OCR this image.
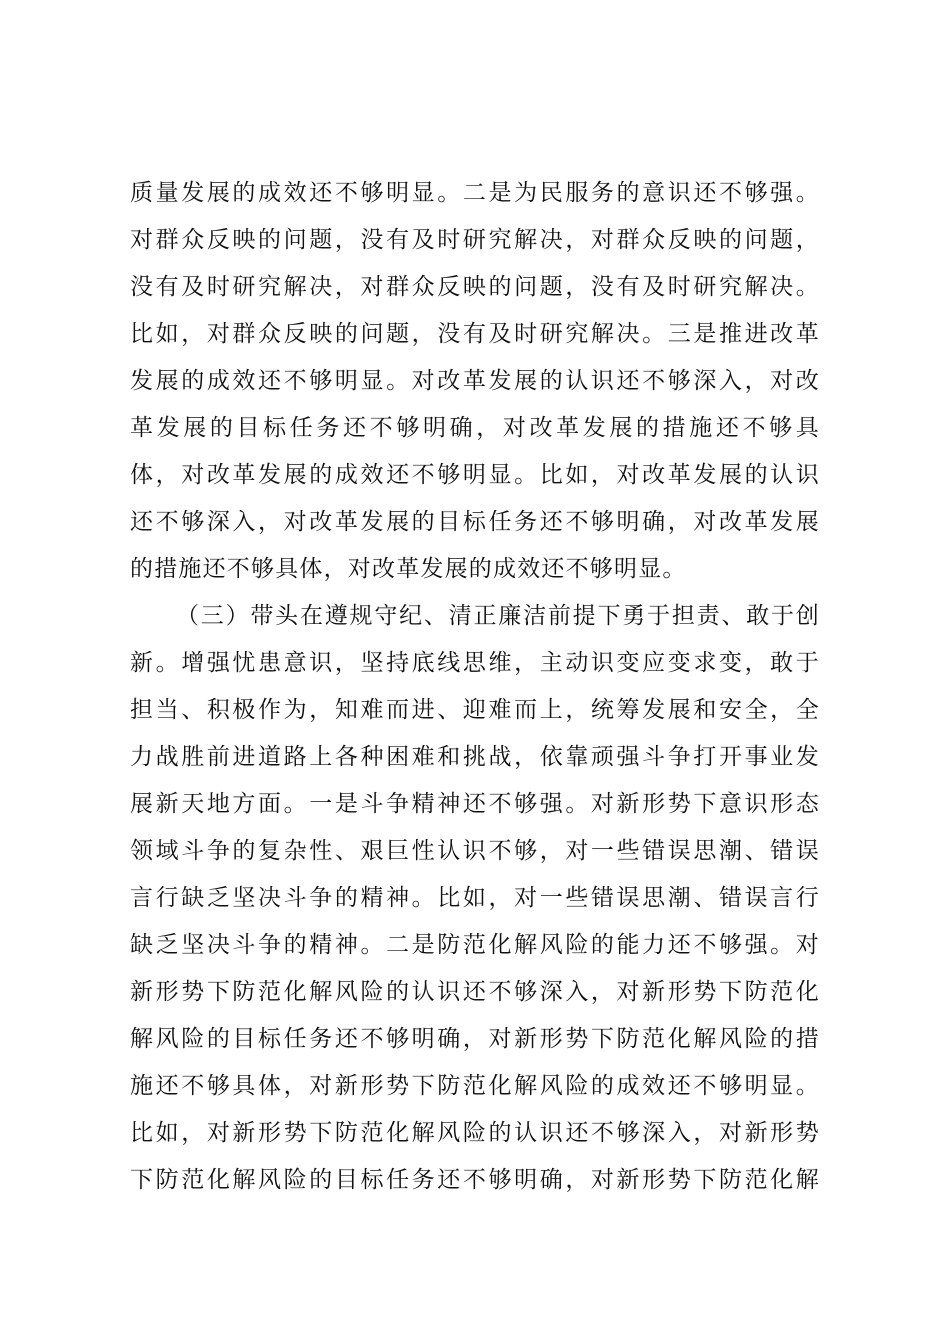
质量发展的成效还不够明显。二是为民服务的意识还不够强。
对群众反映的问题，没有及时研究解决，对群众反映的问题，
没有及时研究解决，对群众反映的问题，没有及时研究解决。
比如，对群众反映的问题，没有及时研究解决。三是推进改革
发展的成效还不够明显。对改革发展的认识还不够深入，对改
革发展的目标任务还不够明确，对改革发展的措施还不够具
体，对改革发展的成效还不够明显。比如，对改革发展的认识
还不够深入，对改革发展的目标任务还不够明确，对改革发展
的措施还不够具体，对改革发展的成效还不够明显。
（三）带头在遵规守纪、清正廉洁前提下勇于担责、敢于创
新。增强忧患意识，坚持底线思维，主动识变应变求变，敢于
担当、积极作为，知难而进、迎难而上，统筹发展和安全，全
力战胜前进道路上各种困难和挑战，依靠顽强斗争打开事业发
展新天地方面。一是斗争精神还不够强。对新形势下意识形态
领域斗争的复杂性、艰巨性认识不够，对一些错误思潮、错误
言行缺乏坚决斗争的精神。比如，对一些错误思潮、错误言行
缺乏坚决斗争的精神。二是防范化解风险的能力还不够强。对
新形势下防范化解风险的认识还不够深入，对新形势下防范化
解风险的目标任务还不够明确，对新形势下防范化解风险的措
施还不够具体，对新形势下防范化解风险的成效还不够明显。
比如，对新形势下防范化解风险的认识还不够深入，对新形势
下防范化解风险的目标任务还不够明确，对新形势下防范化解
